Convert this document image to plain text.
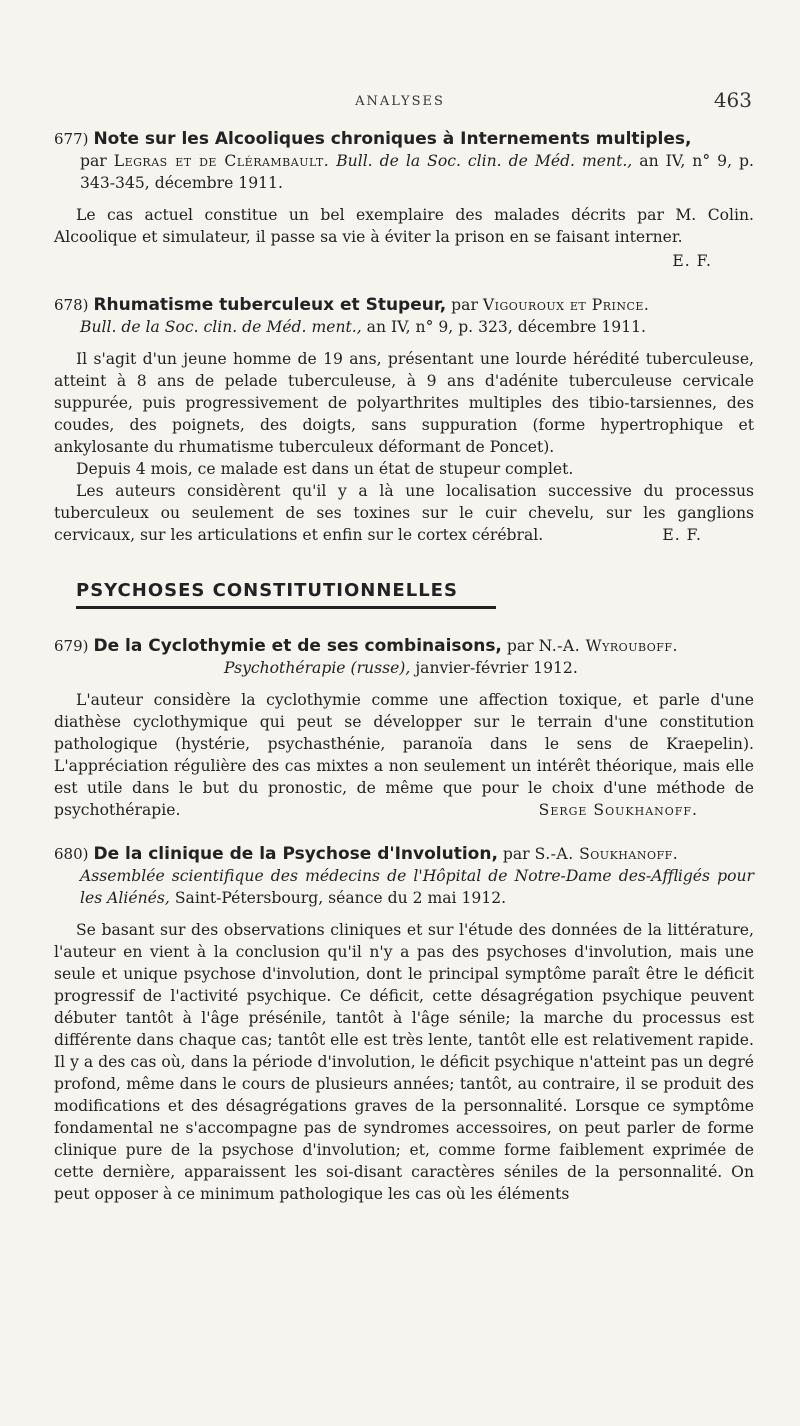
ANALYSES	463
677) Note sur les Alcooliques chroniques à Internements multiples,
par Legras et de Clérambault. Bull. de la Soc. clin. de Méd. ment., an IV, n° 9, p. 343-345, décembre 1911.

Le cas actuel constitue un bel exemplaire des malades décrits par M. Colin. Alcoolique et simulateur, il passe sa vie à éviter la prison en se faisant interner.

E. F.
678) Rhumatisme tuberculeux et Stupeur, par Vigouroux et Prince.
Bull. de la Soc. clin. de Méd. ment., an IV, n° 9, p. 323, décembre 1911.

Il s'agit d'un jeune homme de 19 ans, présentant une lourde hérédité tuberculeuse, atteint à 8 ans de pelade tuberculeuse, à 9 ans d'adénite tuberculeuse cervicale suppurée, puis progressivement de polyarthrites multiples des tibio-tarsiennes, des coudes, des poignets, des doigts, sans suppuration (forme hypertrophique et ankylosante du rhumatisme tuberculeux déformant de Poncet).

Depuis 4 mois, ce malade est dans un état de stupeur complet.

Les auteurs considèrent qu'il y a là une localisation successive du processus tuberculeux ou seulement de ses toxines sur le cuir chevelu, sur les ganglions cervicaux, sur les articulations et enfin sur le cortex cérébral.	E. F.

PSYCHOSES CONSTITUTIONNELLES
679) De la Cyclothymie et de ses combinaisons, par N.-A. Wyrouboff.
Psychothérapie (russe), janvier-février 1912.

L'auteur considère la cyclothymie comme une affection toxique, et parle d'une diathèse cyclothymique qui peut se développer sur le terrain d'une constitution pathologique (hystérie, psychasthénie, paranoïa dans le sens de Kraepelin). L'appréciation régulière des cas mixtes a non seulement un intérêt théorique, mais elle est utile dans le but du pronostic, de même que pour le choix d'une méthode de psychothérapie.	Serge Soukhanoff.

680) De la clinique de la Psychose d'Involution, par S.-A. Soukhanoff.
Assemblée scientifique des médecins de l'Hôpital de Notre-Dame des-Affligés pour les Aliénés, Saint-Pétersbourg, séance du 2 mai 1912.

Se basant sur des observations cliniques et sur l'étude des données de la littérature, l'auteur en vient à la conclusion qu'il n'y a pas des psychoses d'involution, mais une seule et unique psychose d'involution, dont le principal symptôme paraît être le déficit progressif de l'activité psychique. Ce déficit, cette désagrégation psychique peuvent débuter tantôt à l'âge présénile, tantôt à l'âge sénile; la marche du processus est différente dans chaque cas; tantôt elle est très lente, tantôt elle est relativement rapide. Il y a des cas où, dans la période d'involution, le déficit psychique n'atteint pas un degré profond, même dans le cours de plusieurs années; tantôt, au contraire, il se produit des modifications et des désagrégations graves de la personnalité. Lorsque ce symptôme fondamental ne s'accompagne pas de syndromes accessoires, on peut parler de forme clinique pure de la psychose d'involution; et, comme forme faiblement exprimée de cette dernière, apparaissent les soi-disant caractères séniles de la personnalité. On peut opposer à ce minimum pathologique les cas où les éléments
